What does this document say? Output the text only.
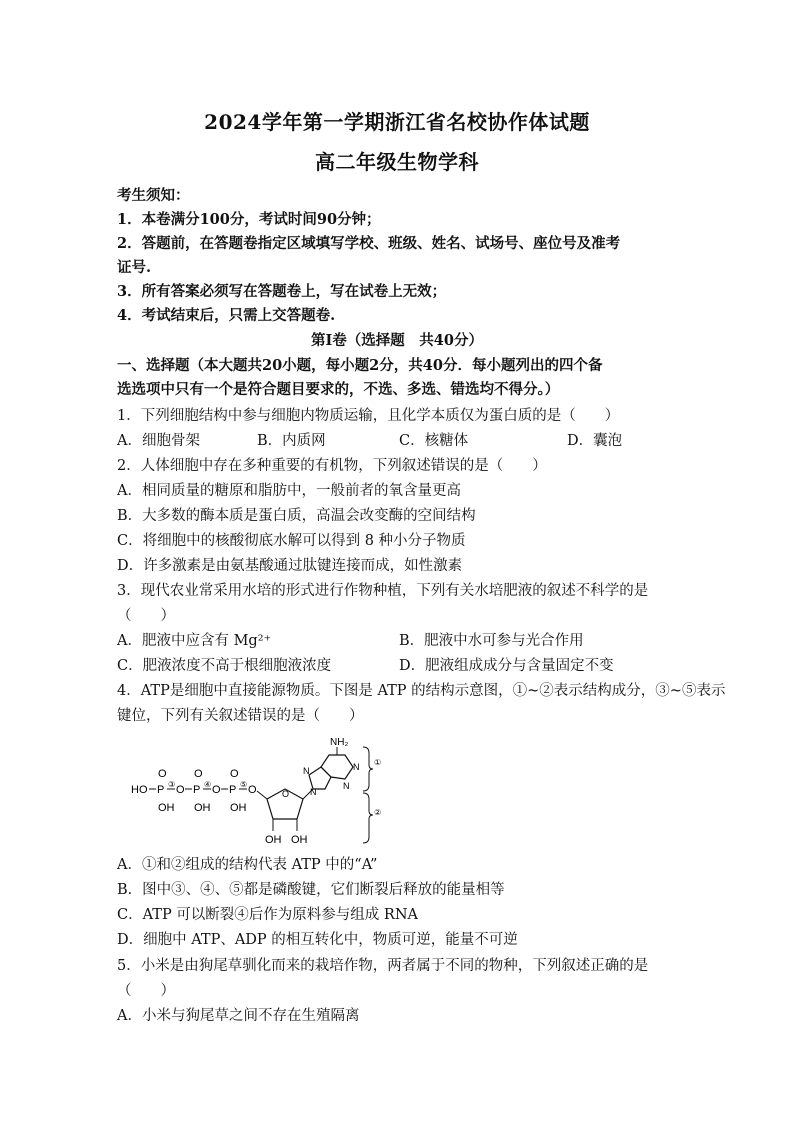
2024学年第一学期浙江省名校协作体试题
高二年级生物学科
考生须知：
1．本卷满分100分，考试时间90分钟；
2．答题前，在答题卷指定区域填写学校、班级、姓名、试场号、座位号及准考
证号.
3．所有答案必须写在答题卷上，写在试卷上无效；
4．考试结束后，只需上交答题卷.
第Ⅰ卷（选择题　共40分）
一、选择题（本大题共20小题，每小题2分，共40分．每小题列出的四个备
选选项中只有一个是符合题目要求的，不选、多选、错选均不得分。）
1．下列细胞结构中参与细胞内物质运输，且化学本质仅为蛋白质的是（　　）
A．细胞骨架	B．内质网	C．核糖体	D．囊泡
2．人体细胞中存在多种重要的有机物，下列叙述错误的是（　　）
A．相同质量的糖原和脂肪中，一般前者的氧含量更高
B．大多数的酶本质是蛋白质，高温会改变酶的空间结构
C．将细胞中的核酸彻底水解可以得到 8 种小分子物质
D．许多激素是由氨基酸通过肽键连接而成，如性激素
3．现代农业常采用水培的形式进行作物种植，下列有关水培肥液的叙述不科学的是
（　　）
A．肥液中应含有 Mg²⁺	B．肥液中水可参与光合作用
C．肥液浓度不高于根细胞液浓度	D．肥液组成成分与含量固定不变
4．ATP是细胞中直接能源物质。下图是 ATP 的结构示意图，①~②表示结构成分，③~⑤表示
键位，下列有关叙述错误的是（　　）
HO P
O
OH
③ O P
O
OH
④ O P
O
OH
⑤ O	O
OH OH
N
N	N
N
NH₂
①
②
A．①和②组成的结构代表 ATP 中的“A”
B．图中③、④、⑤都是磷酸键，它们断裂后释放的能量相等
C．ATP 可以断裂④后作为原料参与组成 RNA
D．细胞中 ATP、ADP 的相互转化中，物质可逆，能量不可逆
5．小米是由狗尾草驯化而来的栽培作物，两者属于不同的物种，下列叙述正确的是
（　　）
A．小米与狗尾草之间不存在生殖隔离
